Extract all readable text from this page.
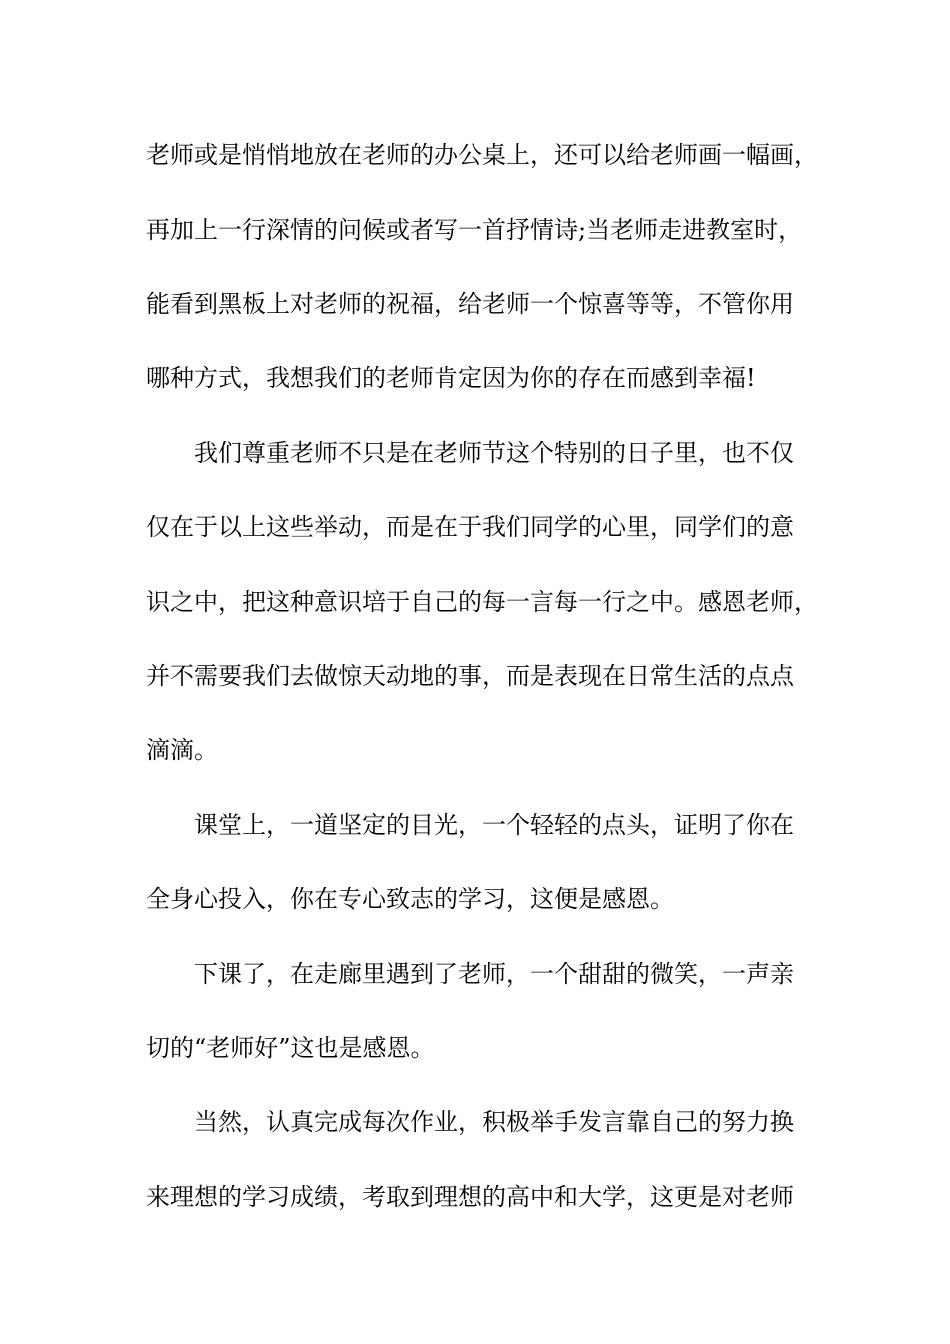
老师或是悄悄地放在老师的办公桌上，还可以给老师画一幅画，
再加上一行深情的问候或者写一首抒情诗;当老师走进教室时，
能看到黑板上对老师的祝福，给老师一个惊喜等等，不管你用
哪种方式，我想我们的老师肯定因为你的存在而感到幸福!
我们尊重老师不只是在老师节这个特别的日子里，也不仅
仅在于以上这些举动，而是在于我们同学的心里，同学们的意
识之中，把这种意识培于自己的每一言每一行之中。感恩老师，
并不需要我们去做惊天动地的事，而是表现在日常生活的点点
滴滴。
课堂上，一道坚定的目光，一个轻轻的点头，证明了你在
全身心投入，你在专心致志的学习，这便是感恩。
下课了，在走廊里遇到了老师，一个甜甜的微笑，一声亲
切的“老师好”这也是感恩。
当然，认真完成每次作业，积极举手发言靠自己的努力换
来理想的学习成绩，考取到理想的高中和大学，这更是对老师
